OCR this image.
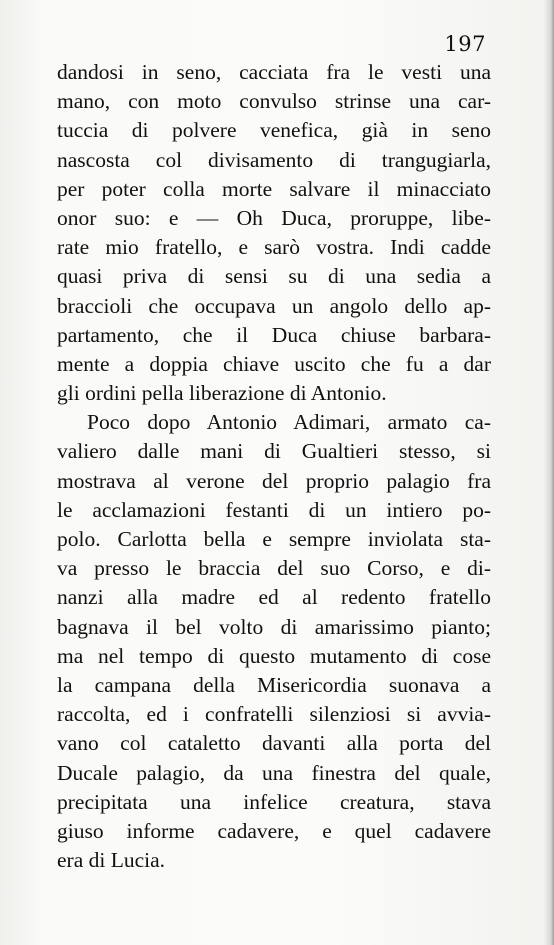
197
dandosi in seno, cacciata fra le vesti una
mano, con moto convulso strinse una car-
tuccia di polvere venefica, già in seno
nascosta col divisamento di trangugiarla,
per poter colla morte salvare il minacciato
onor suo: e — Oh Duca, proruppe, libe-
rate mio fratello, e sarò vostra. Indi cadde
quasi priva di sensi su di una sedia a
braccioli che occupava un angolo dello ap-
partamento, che il Duca chiuse barbara-
mente a doppia chiave uscito che fu a dar
gli ordini pella liberazione di Antonio.
Poco dopo Antonio Adimari, armato ca-
valiero dalle mani di Gualtieri stesso, si
mostrava al verone del proprio palagio fra
le acclamazioni festanti di un intiero po-
polo. Carlotta bella e sempre inviolata sta-
va presso le braccia del suo Corso, e di-
nanzi alla madre ed al redento fratello
bagnava il bel volto di amarissimo pianto;
ma nel tempo di questo mutamento di cose
la campana della Misericordia suonava a
raccolta, ed i confratelli silenziosi si avvia-
vano col cataletto davanti alla porta del
Ducale palagio, da una finestra del quale,
precipitata una infelice creatura, stava
giuso informe cadavere, e quel cadavere
era di Lucia.
